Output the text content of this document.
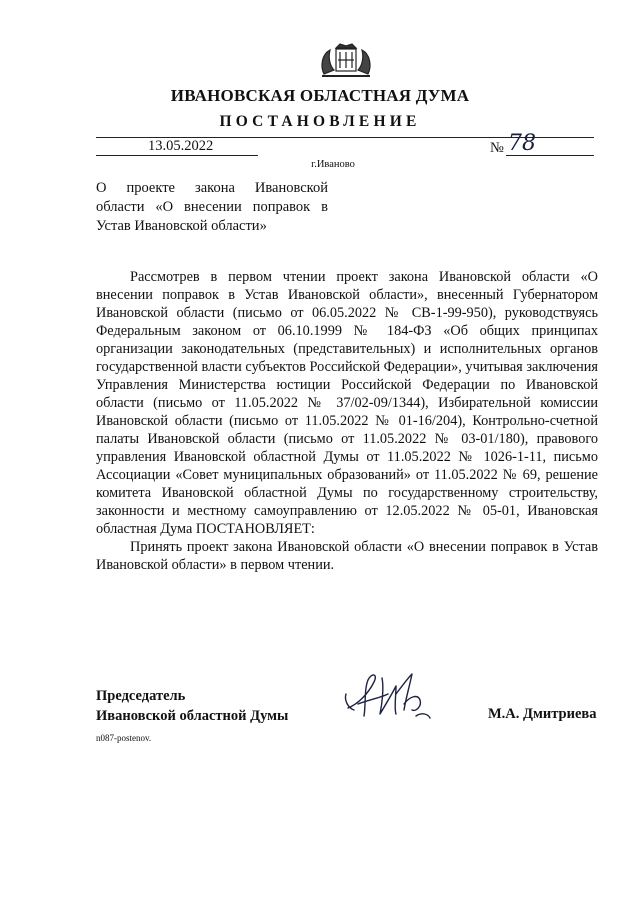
ИВАНОВСКАЯ ОБЛАСТНАЯ ДУМА
ПОСТАНОВЛЕНИЕ
13.05.2022	№ 78
г.Иваново
О проекте закона Ивановской области «О внесении поправок в Устав Ивановской области»

Рассмотрев в первом чтении проект закона Ивановской области «О внесении поправок в Устав Ивановской области», внесенный Губернатором Ивановской области (письмо от 06.05.2022 № СВ-1-99-950), руководствуясь Федеральным законом от 06.10.1999 № 184-ФЗ «Об общих принципах организации законодательных (представительных) и исполнительных органов государственной власти субъектов Российской Федерации», учитывая заключения Управления Министерства юстиции Российской Федерации по Ивановской области (письмо от 11.05.2022 № 37/02-09/1344), Избирательной комиссии Ивановской области (письмо от 11.05.2022 № 01-16/204), Контрольно-счетной палаты Ивановской области (письмо от 11.05.2022 № 03-01/180), правового управления Ивановской областной Думы от 11.05.2022 № 1026-1-11, письмо Ассоциации «Совет муниципальных образований» от 11.05.2022 № 69, решение комитета Ивановской областной Думы по государственному строительству, законности и местному самоуправлению от 12.05.2022 № 05-01, Ивановская областная Дума ПОСТАНОВЛЯЕТ:

Принять проект закона Ивановской области «О внесении поправок в Устав Ивановской области» в первом чтении.

Председатель
Ивановской областной Думы	М.А. Дмитриева
n087-postenov.
